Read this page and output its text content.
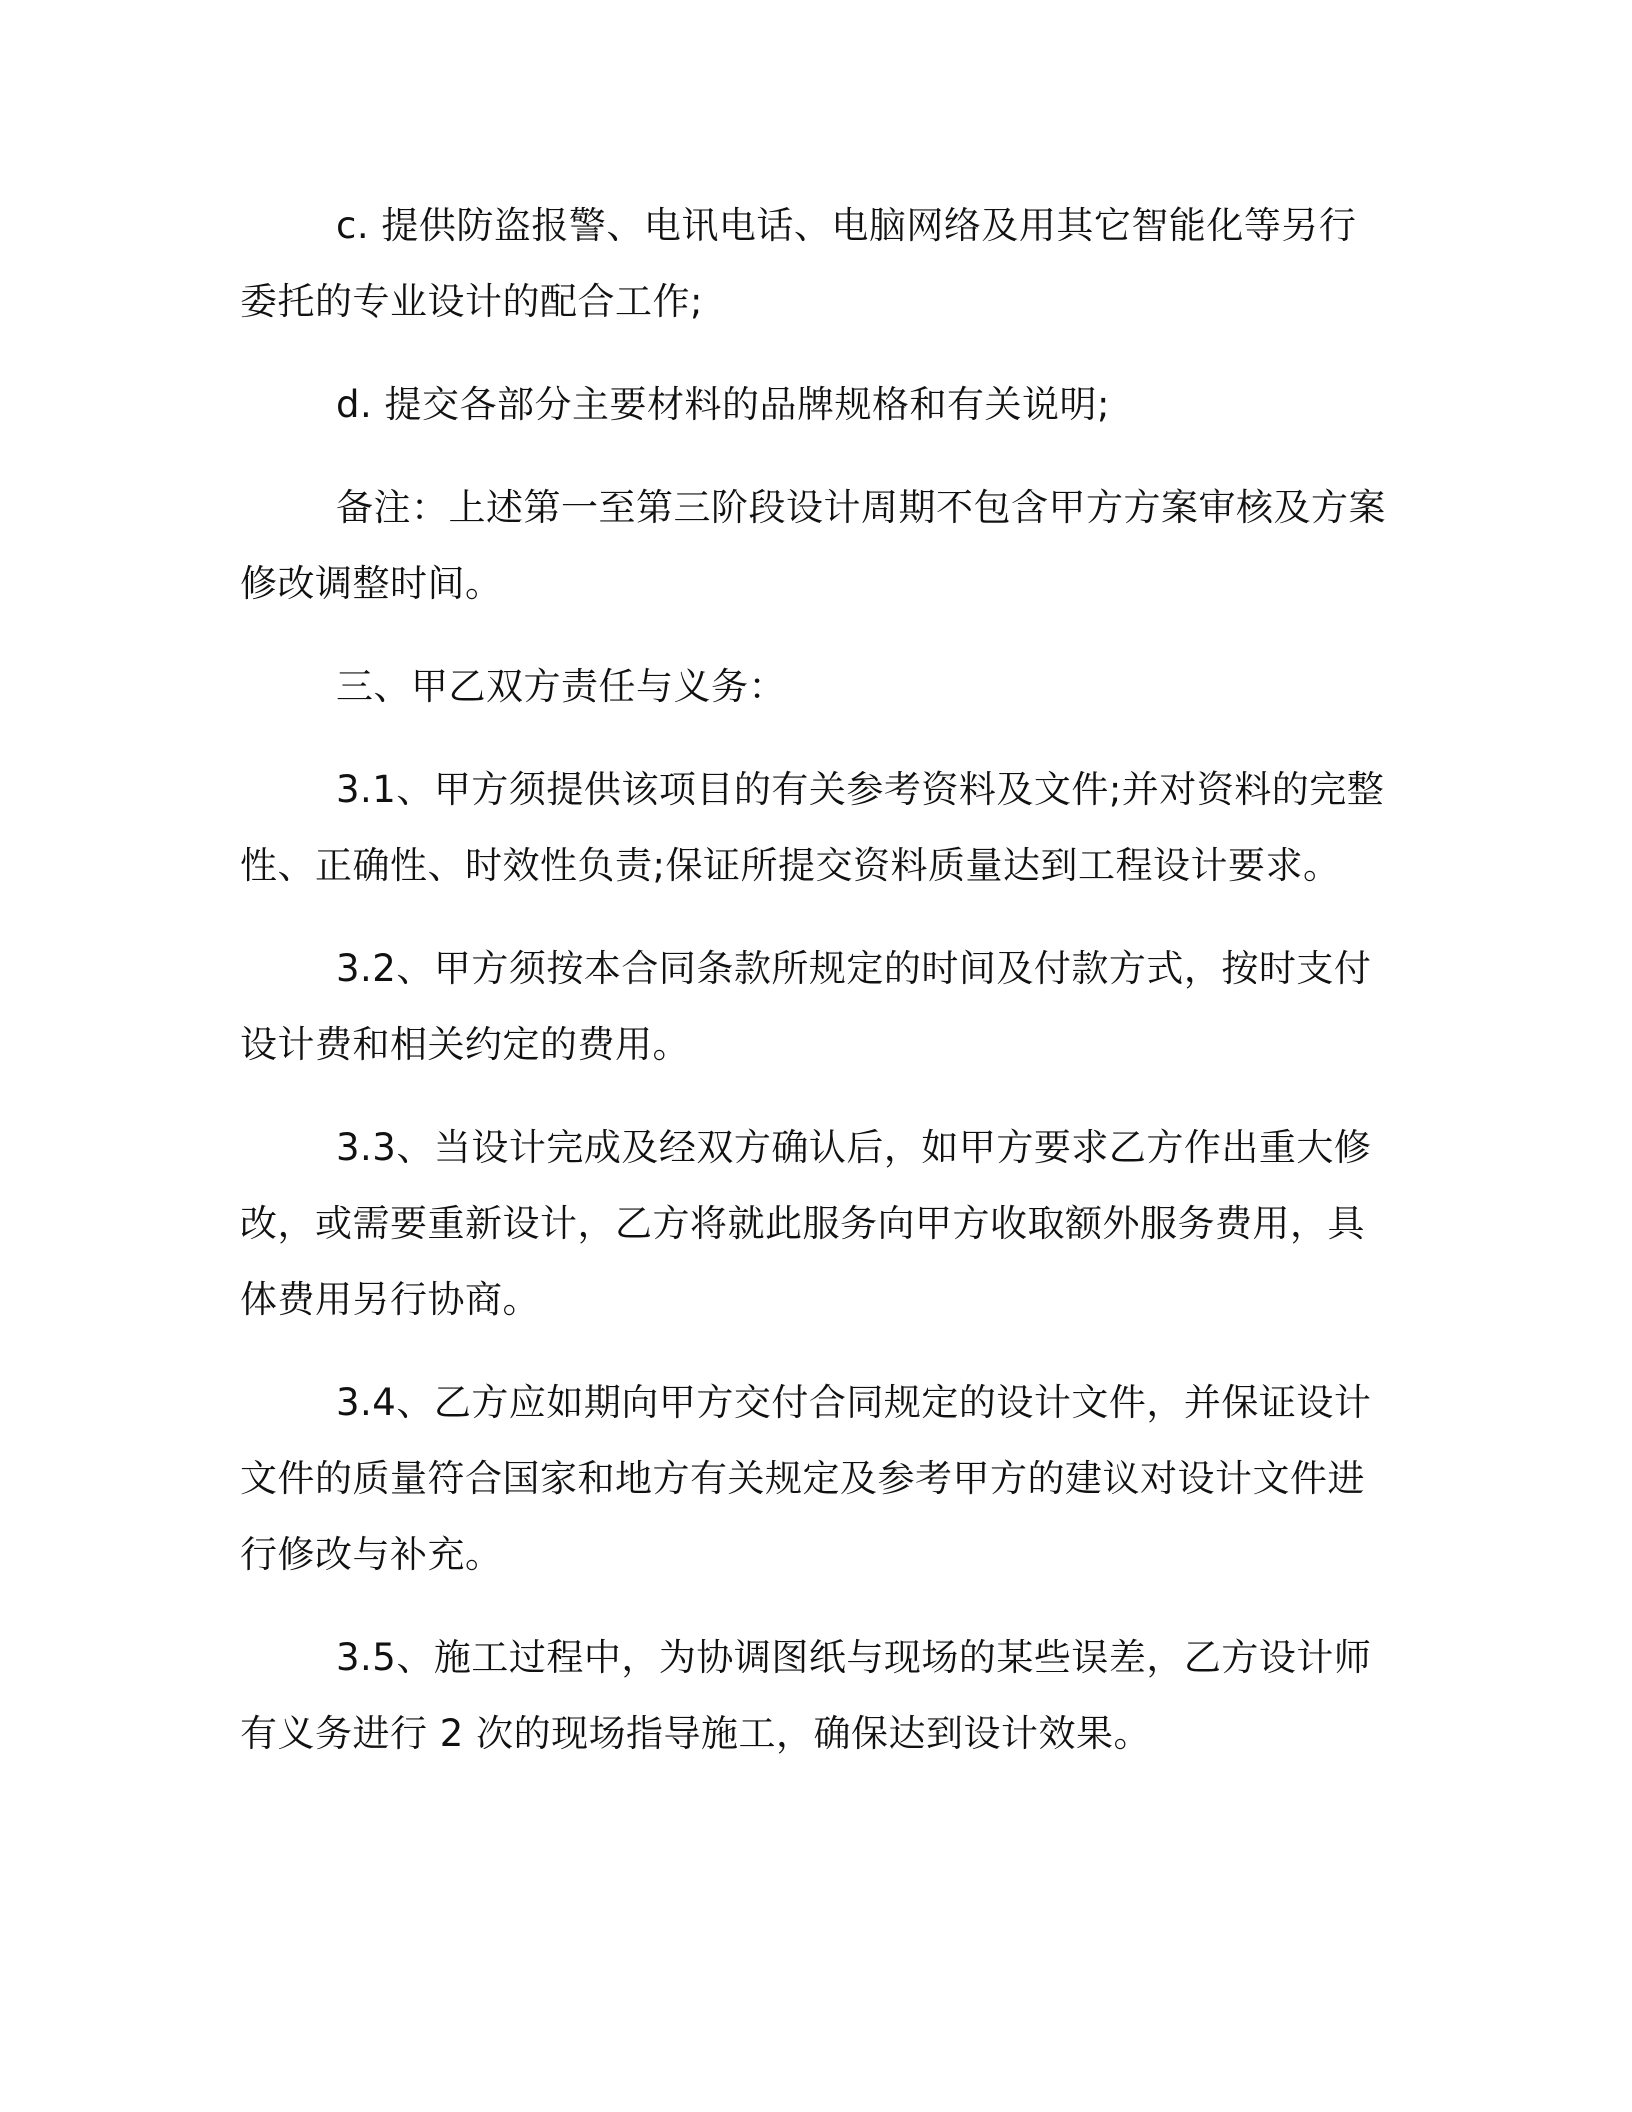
c. 提供防盗报警、电讯电话、电脑网络及用其它智能化等另行委托的专业设计的配合工作;

d. 提交各部分主要材料的品牌规格和有关说明;

备注：上述第一至第三阶段设计周期不包含甲方方案审核及方案修改调整时间。

三、甲乙双方责任与义务：

3.1、甲方须提供该项目的有关参考资料及文件;并对资料的完整性、正确性、时效性负责;保证所提交资料质量达到工程设计要求。

3.2、甲方须按本合同条款所规定的时间及付款方式，按时支付设计费和相关约定的费用。

3.3、当设计完成及经双方确认后，如甲方要求乙方作出重大修改，或需要重新设计，乙方将就此服务向甲方收取额外服务费用，具体费用另行协商。

3.4、乙方应如期向甲方交付合同规定的设计文件，并保证设计文件的质量符合国家和地方有关规定及参考甲方的建议对设计文件进行修改与补充。

3.5、施工过程中，为协调图纸与现场的某些误差，乙方设计师有义务进行 2 次的现场指导施工，确保达到设计效果。
